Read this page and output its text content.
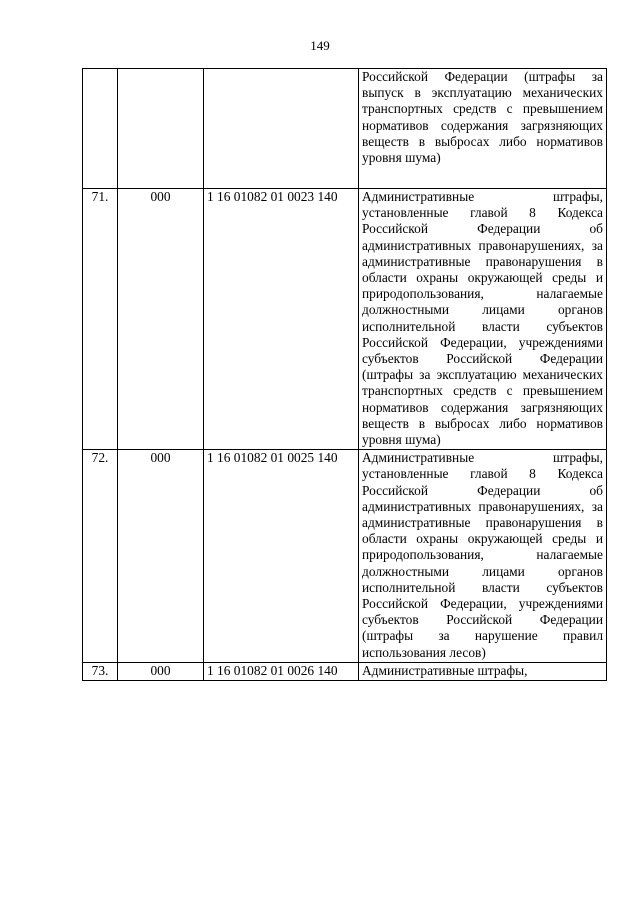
149
			Российской Федерации (штрафы за выпуск в эксплуатацию механических транспортных средств с превышением нормативов содержания загрязняющих веществ в выбросах либо нормативов уровня шума)
71.	000	1 16 01082 01 0023 140	Административные штрафы, установленные главой 8 Кодекса Российской Федерации об административных правонарушениях, за административные правонарушения в области охраны окружающей среды и природопользования, налагаемые должностными лицами органов исполнительной власти субъектов Российской Федерации, учреждениями субъектов Российской Федерации (штрафы за эксплуатацию механических транспортных средств с превышением нормативов содержания загрязняющих веществ в выбросах либо нормативов уровня шума)
72.	000	1 16 01082 01 0025 140	Административные штрафы, установленные главой 8 Кодекса Российской Федерации об административных правонарушениях, за административные правонарушения в области охраны окружающей среды и природопользования, налагаемые должностными лицами органов исполнительной власти субъектов Российской Федерации, учреждениями субъектов Российской Федерации (штрафы за нарушение правил использования лесов)
73.	000	1 16 01082 01 0026 140	Административные штрафы,
